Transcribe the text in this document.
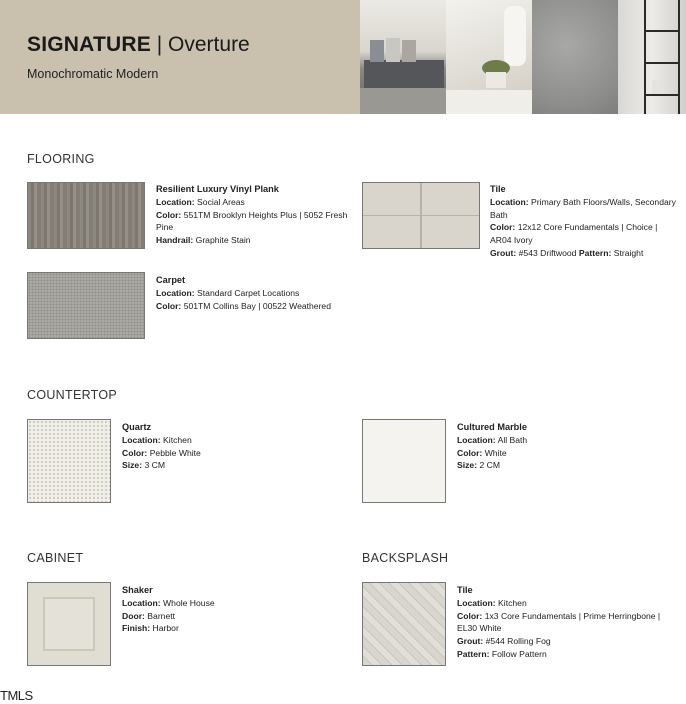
SIGNATURE | Overture
Monochromatic Modern
FLOORING
Resilient Luxury Vinyl Plank
Location: Social Areas
Color: 551TM Brooklyn Heights Plus | 5052 Fresh Pine
Handrail: Graphite Stain
Tile
Location: Primary Bath Floors/Walls, Secondary Bath
Color: 12x12 Core Fundamentals | Choice | AR04 Ivory
Grout: #543 Driftwood Pattern: Straight
Carpet
Location: Standard Carpet Locations
Color: 501TM Collins Bay | 00522 Weathered
COUNTERTOP
Quartz
Location: Kitchen
Color: Pebble White
Size: 3 CM
Cultured Marble
Location: All Bath
Color: White
Size: 2 CM
CABINET
Shaker
Location: Whole House
Door: Barnett
Finish: Harbor
BACKSPLASH
Tile
Location: Kitchen
Color: 1x3 Core Fundamentals | Prime Herringbone | EL30 White
Grout: #544 Rolling Fog
Pattern: Follow Pattern
TMLS
